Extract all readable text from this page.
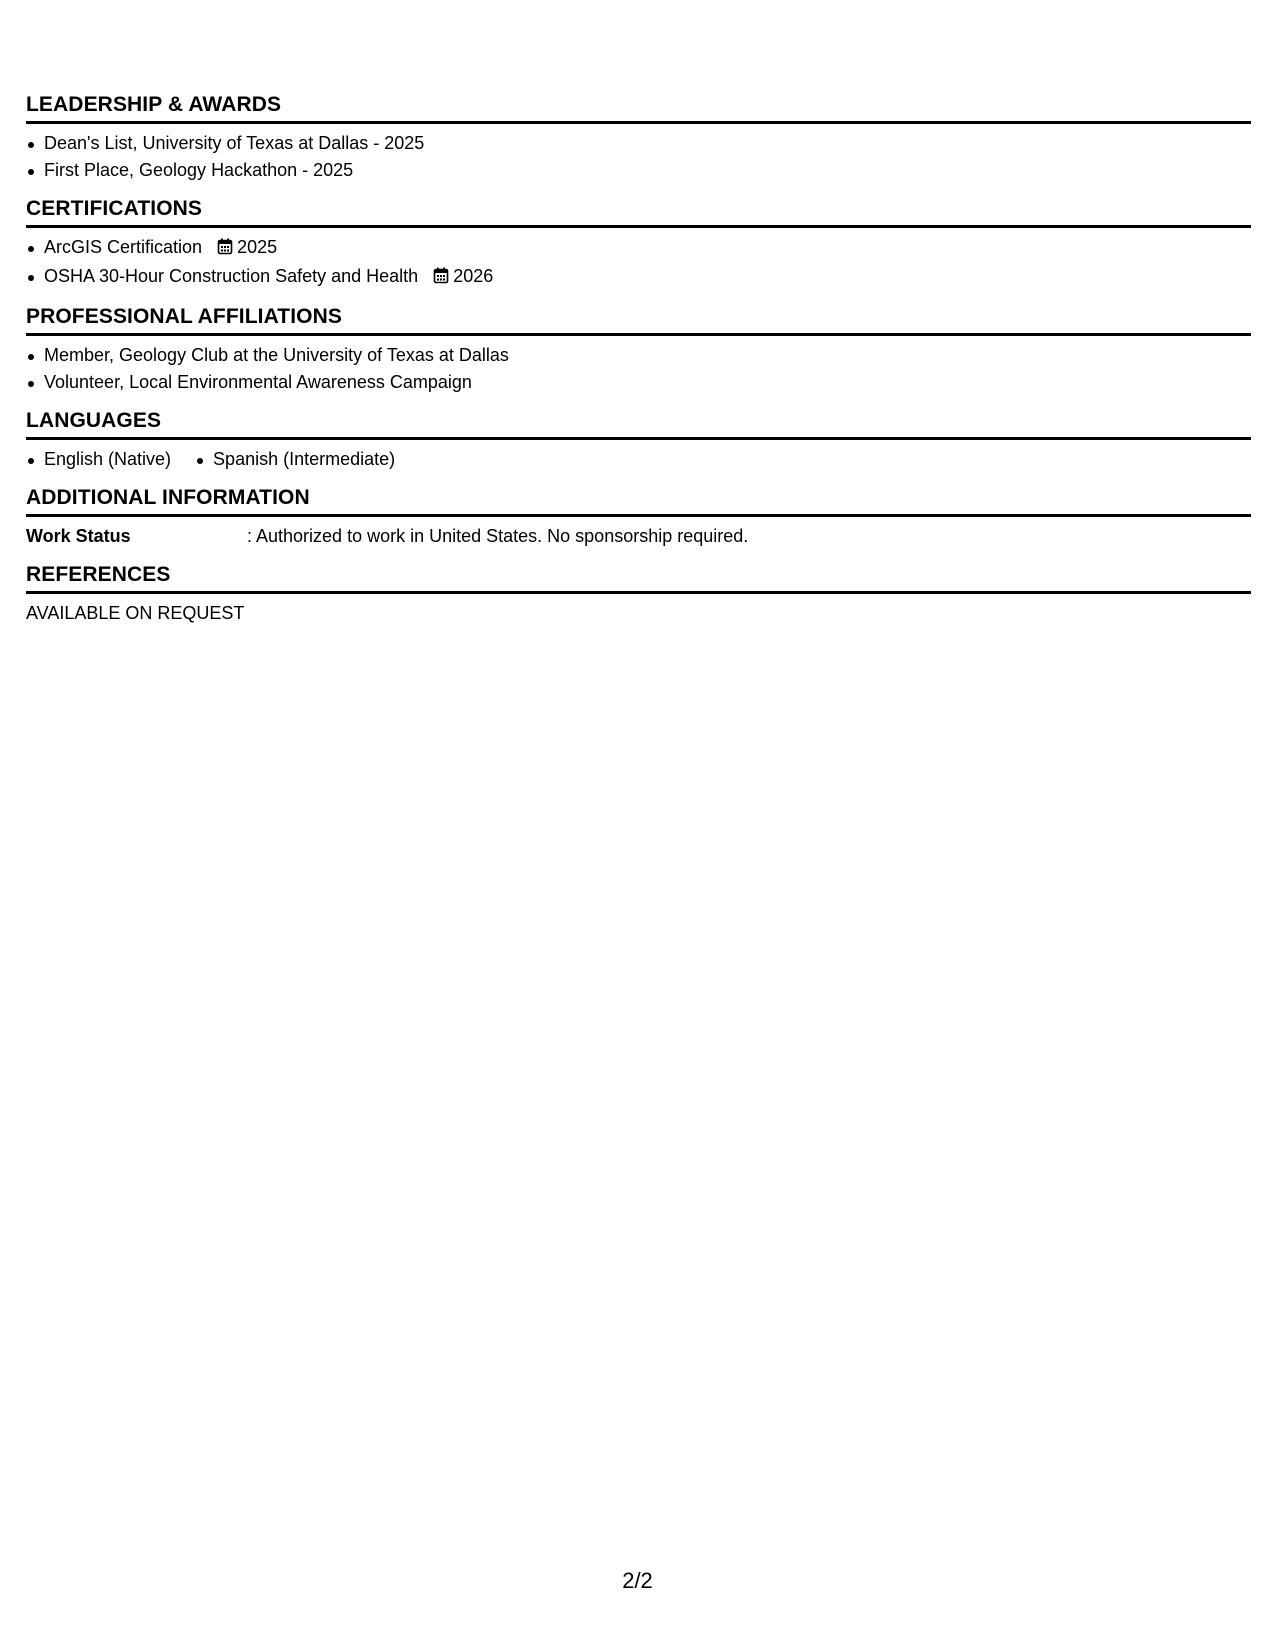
LEADERSHIP & AWARDS
Dean's List, University of Texas at Dallas - 2025
First Place, Geology Hackathon - 2025
CERTIFICATIONS
ArcGIS Certification 2025
OSHA 30-Hour Construction Safety and Health 2026
PROFESSIONAL AFFILIATIONS
Member, Geology Club at the University of Texas at Dallas
Volunteer, Local Environmental Awareness Campaign
LANGUAGES
English (Native)	Spanish (Intermediate)
ADDITIONAL INFORMATION
Work Status	: Authorized to work in United States. No sponsorship required.
REFERENCES
AVAILABLE ON REQUEST
2/2
